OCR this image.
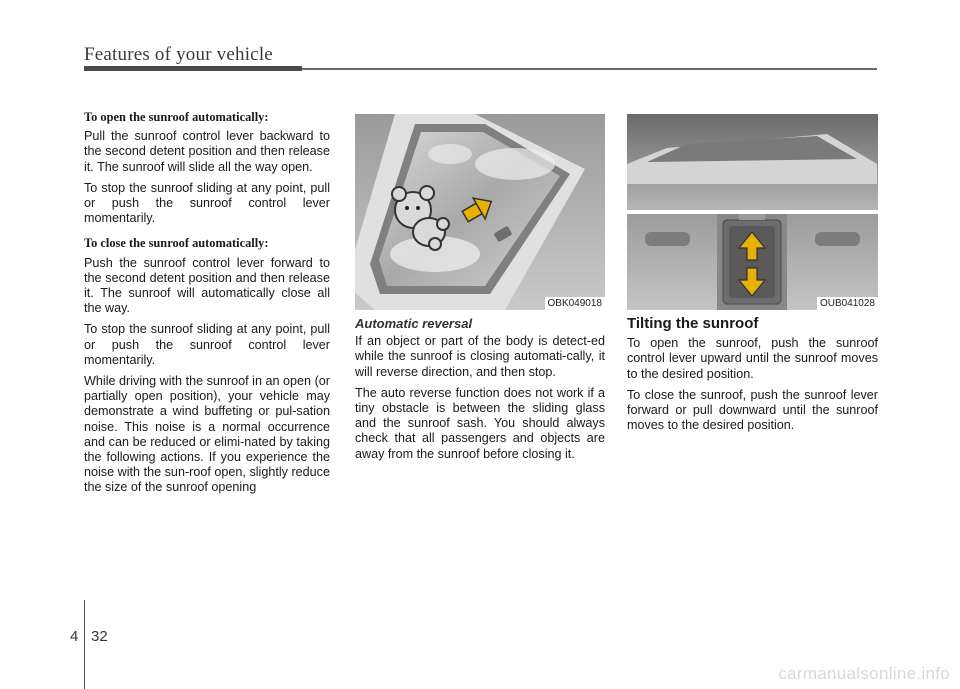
Features of your vehicle
To open the sunroof automatically:

Pull the sunroof control lever backward to the second detent position and then release it. The sunroof will slide all the way open.

To stop the sunroof sliding at any point, pull or push the sunroof control lever momentarily.

To close the sunroof automatically:

Push the sunroof control lever forward to the second detent position and then release it. The sunroof will automatically close all the way.

To stop the sunroof sliding at any point, pull or push the sunroof control lever momentarily.

While driving with the sunroof in an open (or partially open position), your vehicle may demonstrate a wind buffeting or pul-sation noise. This noise is a normal occurrence and can be reduced or elimi-nated by taking the following actions. If you experience the noise with the sun-roof open, slightly reduce the size of the sunroof opening

OBK049018	OUB041028
Automatic reversal

If an object or part of the body is detect-ed while the sunroof is closing automati-cally, it will reverse direction, and then stop.

The auto reverse function does not work if a tiny obstacle is between the sliding glass and the sunroof sash. You should always check that all passengers and objects are away from the sunroof before closing it.

Tilting the sunroof

To open the sunroof, push the sunroof control lever upward until the sunroof moves to the desired position.

To close the sunroof, push the sunroof lever forward or pull downward until the sunroof moves to the desired position.

4 32
carmanualsonline.info
